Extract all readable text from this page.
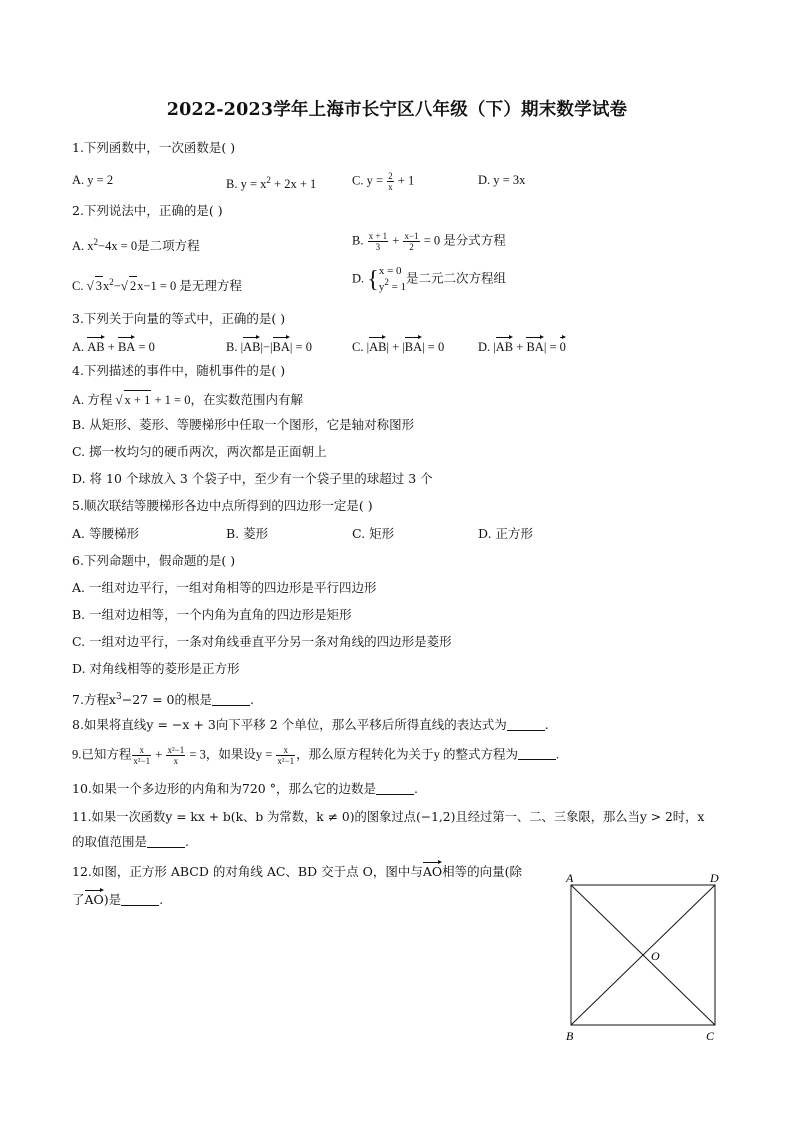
2022-2023学年上海市长宁区八年级（下）期末数学试卷
1.下列函数中，一次函数是( )
A. y = 2	B. $y = x^2 + 2x + 1$	C. $y = \frac{2}{x} + 1$	D. y = 3x
2.下列说法中，正确的是( )
A. $x^2-4x = 0$是二项方程	B. $\frac{x + 1}{3} + \frac{x-1}{2} = 0$ 是分式方程
C. √ $3x^2-√$ 2x−1 = 0 是无理方程
D. { x = 0
$y^2 = 1$
是二元二次方程组
3.下列关于向量的等式中，正确的是( )
A. AB + BA = 0	B. |AB|−|BA| = 0	C. |AB| + |BA| = 0	D. |AB + BA| = 0
4.下列描述的事件中，随机事件的是( )
A. 方程 √ x + 1 + 1 = 0，在实数范围内有解
B. 从矩形、菱形、等腰梯形中任取一个图形，它是轴对称图形
C. 掷一枚均匀的硬币两次，两次都是正面朝上
D. 将 10 个球放入 3 个袋子中，至少有一个袋子里的球超过 3 个
5.顺次联结等腰梯形各边中点所得到的四边形一定是( )
A. 等腰梯形	B. 菱形	C. 矩形	D. 正方形
6.下列命题中，假命题的是( )
A. 一组对边平行，一组对角相等的四边形是平行四边形
B. 一组对边相等，一个内角为直角的四边形是矩形
C. 一组对边平行，一条对角线垂直平分另一条对角线的四边形是菱形
D. 对角线相等的菱形是正方形
7.方程$x^3-27 = 0$的根是	.
8.如果将直线y = −x + 3向下平移 2 个单位，那么平移后所得直线的表达式为	.
9.已知方程 $\frac{x}{\text{x²−1}} + \frac{\text{x²−1}}{x} = 3$，如果设$y = \frac{x}{\text{x²−1}}$ ，那么原方程转化为关于y 的整式方程为	.
10.如果一个多边形的内角和为720 °，那么它的边数是	.
11.如果一次函数y = kx + b(k、b 为常数，k ≠ 0)的图象过点(−1,2)且经过第一、二、三象限，那么当y > 2时，x
的取值范围是	.
12.如图，正方形 ABCD 的对角线 AC、BD 交于点 O，图中与AO相等的向量(除
了AO)是	.
A	D
B	C
O
